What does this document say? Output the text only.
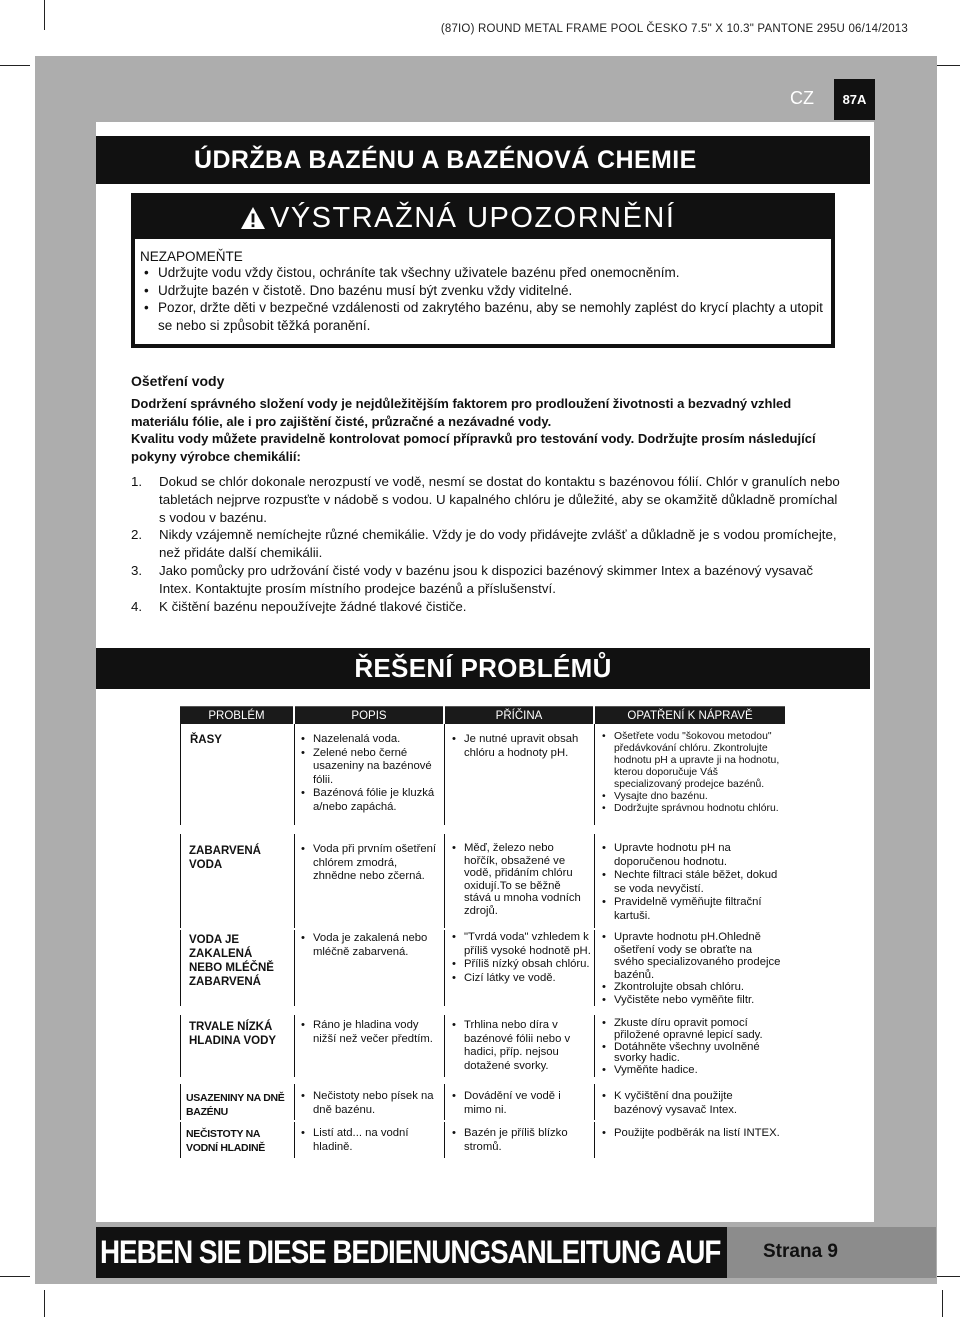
(87IO) ROUND METAL FRAME POOL ČESKO 7.5" X 10.3" PANTONE 295U 06/14/2013
CZ	87A
ÚDRŽBA BAZÉNU A BAZÉNOVÁ CHEMIE
VÝSTRAŽNÁ UPOZORNĚNÍ
NEZAPOMEŇTE
• Udržujte vodu vždy čistou, ochráníte tak všechny uživatele bazénu před onemocněním.
• Udržujte bazén v čistotě. Dno bazénu musí být zvenku vždy viditelné.
• Pozor, držte děti v bezpečné vzdálenosti od zakrytého bazénu, aby se nemohly zaplést do krycí plachty a utopit se nebo si způsobit těžká poranění.
Ošetření vody

Dodržení správného složení vody je nejdůležitějším faktorem pro prodloužení životnosti a bezvadný vzhled materiálu fólie, ale i pro zajištění čisté, průzračné a nezávadné vody.

Kvalitu vody můžete pravidelně kontrolovat pomocí přípravků pro testování vody. Dodržujte prosím následující pokyny výrobce chemikálií:

1. Dokud se chlór dokonale nerozpustí ve vodě, nesmí se dostat do kontaktu s bazénovou fólií. Chlór v granulích nebo tabletách nejprve rozpusťte v nádobě s vodou. U kapalného chlóru je důležité, aby se okamžitě důkladně promíchal s vodou v bazénu.
2. Nikdy vzájemně nemíchejte různé chemikálie. Vždy je do vody přidávejte zvlášť a důkladně je s vodou promíchejte, než přidáte další chemikálii.
3. Jako pomůcky pro udržování čisté vody v bazénu jsou k dispozici bazénový skimmer Intex a bazénový vysavač Intex. Kontaktujte prosím místního prodejce bazénů a příslušenství.
4. K čištění bazénu nepoužívejte žádné tlakové čističe.
ŘEŠENÍ PROBLÉMŮ
PROBLÉM	POPIS	PŘÍČINA	OPATŘENÍ K NÁPRAVĚ
ŘASY
•	Nazelenalá voda.
• Zelené nebo černé usazeniny na bazénové fólii.
• Bazénová fólie je kluzká a/nebo zapáchá.
• Je nutné upravit obsah chlóru a hodnoty pH.
• Ošetřete vodu "šokovou metodou" předávkování chlóru. Zkontrolujte hodnotu pH a upravte ji na hodnotu, kterou doporučuje Váš specializovaný prodejce bazénů.
• Vysajte dno bazénu.
• Dodržujte správnou hodnotu chlóru.
ZABARVENÁ VODA
• Voda při prvním ošetření chlórem zmodrá, zhnědne nebo zčerná.
• Měď, železo nebo hořčík, obsažené ve vodě, přidáním chlóru oxidují.To se běžně stává u mnoha vodních zdrojů.
• Upravte hodnotu pH na doporučenou hodnotu.
• Nechte filtraci stále běžet, dokud se voda nevyčistí.
• Pravidelně vyměňujte filtrační kartuši.
VODA JE ZAKALENÁ NEBO MLÉČNĚ ZABARVENÁ
• Voda je zakalená nebo mléčně zabarvená.
• "Tvrdá voda" vzhledem k příliš vysoké hodnotě pH.
• Příliš nízký obsah chlóru.
• Cizí látky ve vodě.
• Upravte hodnotu pH.Ohledně ošetření vody se obraťte na svého specializovaného prodejce bazénů.
• Zkontrolujte obsah chlóru.
• Vyčistěte nebo vyměňte filtr.
TRVALE NÍZKÁ HLADINA VODY
• Ráno je hladina vody nižší než večer předtím.
• Trhlina nebo díra v bazénové fólii nebo v hadici, příp. nejsou dotažené svorky.
• Zkuste díru opravit pomocí přiložené opravné lepicí sady.
• Dotáhněte všechny uvolněné svorky hadic.
• Vyměňte hadice.
USAZENINY NA DNĚ BAZÉNU
• Nečistoty nebo písek na dně bazénu.
• Dovádění ve vodě i mimo ni.
• K vyčištění dna použijte bazénový vysavač Intex.
NEČISTOTY NA VODNÍ HLADINĚ
• Listí atd... na vodní hladině.
• Bazén je příliš blízko stromů.
• Použijte podběrák na listí INTEX.
HEBEN SIE DIESE BEDIENUNGSANLEITUNG AUF Strana 9
